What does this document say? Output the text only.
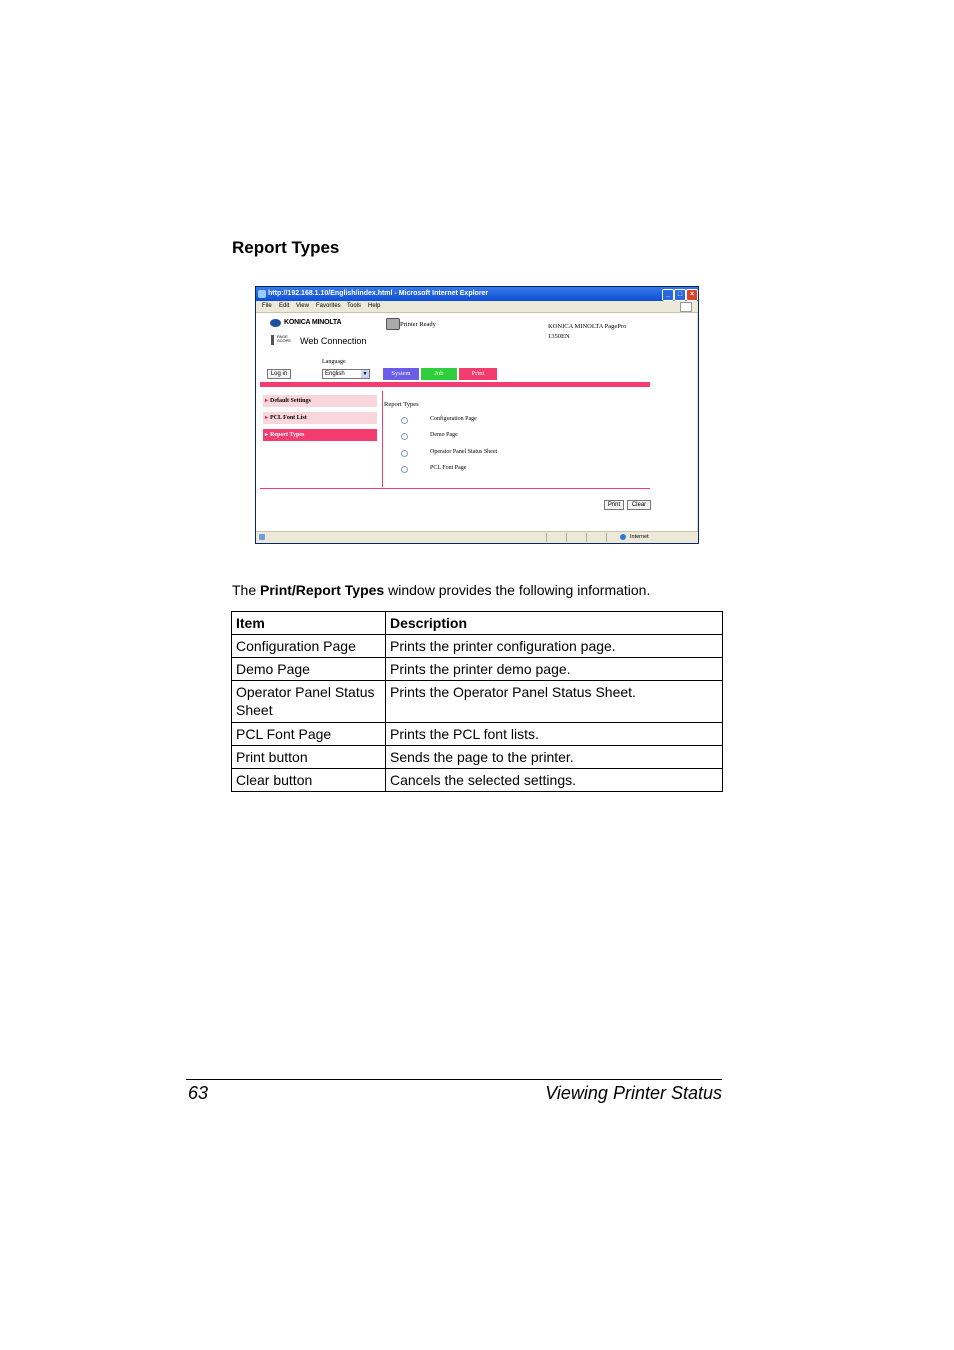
Report Types
http://192.168.1.10/English/index.html - Microsoft Internet Explorer	_	□	×
File Edit View Favorites Tools Help
KONICA MINOLTA
PAGE SCOPE Web Connection
Printer Ready	KONICA MINOLTA PagePro
1350EN
Language
Log in	English	▼	System	Job	Print
▸ Default Settings
▸ PCL Font List
▸ Report Types
Report Types
Configuration Page
Demo Page
Operator Panel Status Sheet
PCL Font Page
Print	Clear
Internet
The Print/Report Types window provides the following information.
Item	Description
Configuration Page	Prints the printer configuration page.
Demo Page	Prints the printer demo page.
Operator Panel Status Sheet	Prints the Operator Panel Status Sheet.
PCL Font Page	Prints the PCL font lists.
Print button	Sends the page to the printer.
Clear button	Cancels the selected settings.
63	Viewing Printer Status
